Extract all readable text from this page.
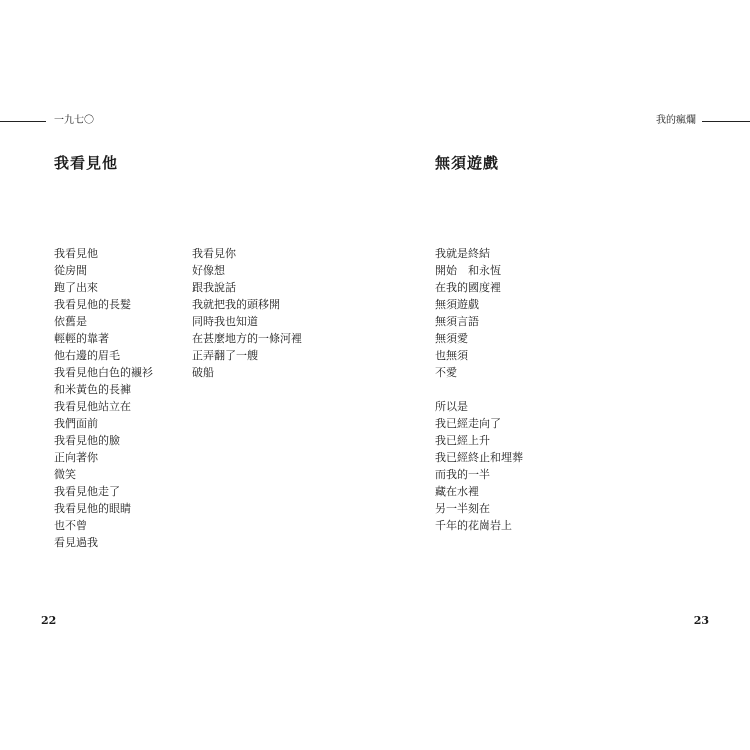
一九七〇	我的瘋爛
我看見他	無須遊戲
我看見他
從房間
跑了出來
我看見他的長髮
依舊是
輕輕的靠著
他右邊的眉毛
我看見他白色的襯衫
和米黃色的長褲
我看見他站立在
我們面前
我看見他的臉
正向著你
微笑
我看見他走了
我看見他的眼睛
也不曾
看見過我
我看見你
好像想
跟我說話
我就把我的頭移開
同時我也知道
在甚麼地方的一條河裡
正弄翻了一艘
破船
我就是終結
開始　和永恆
在我的國度裡
無須遊戲
無須言語
無須愛
也無須
不愛
所以是
我已經走向了
我已經上升
我已經終止和埋葬
而我的一半
藏在水裡
另一半刻在
千年的花崗岩上
22	23
